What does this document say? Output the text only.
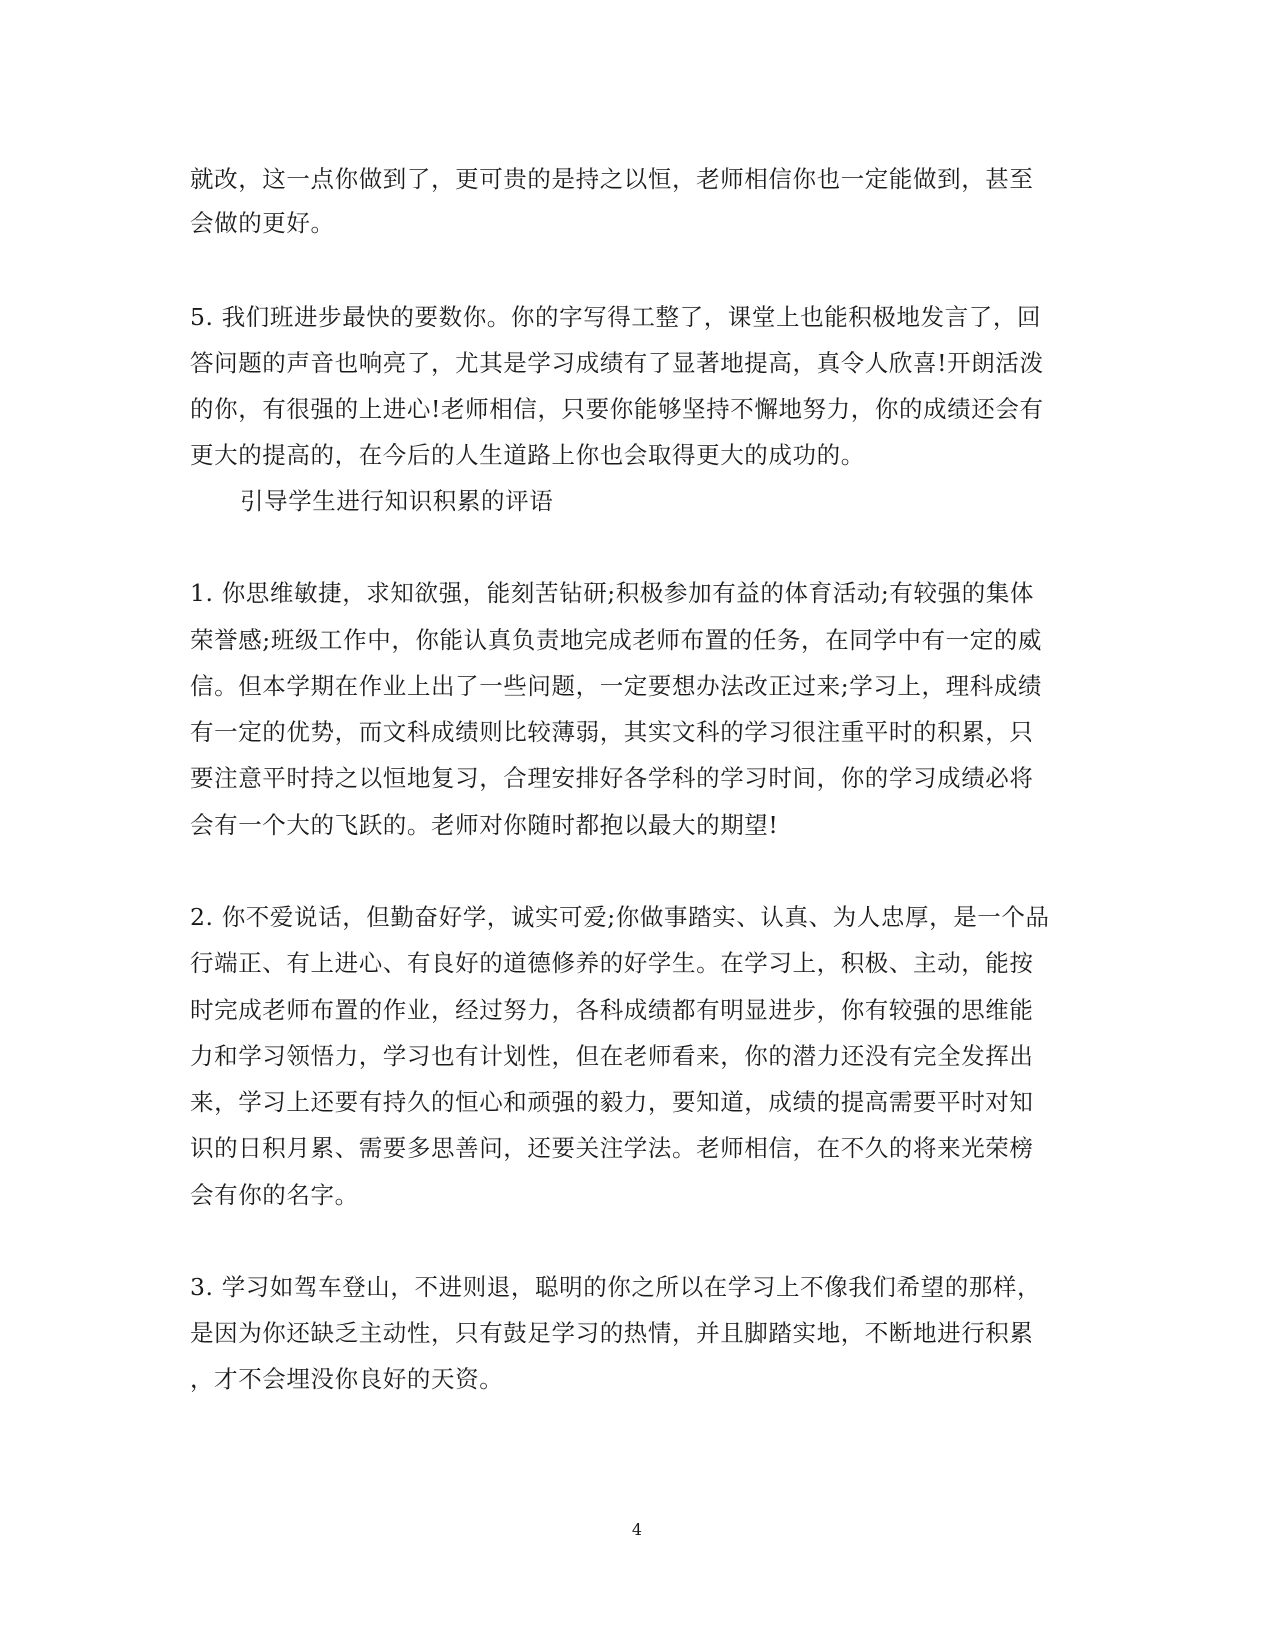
就改，这一点你做到了，更可贵的是持之以恒，老师相信你也一定能做到，甚至
会做的更好。
5. 我们班进步最快的要数你。你的字写得工整了，课堂上也能积极地发言了，回
答问题的声音也响亮了，尤其是学习成绩有了显著地提高，真令人欣喜!开朗活泼
的你，有很强的上进心!老师相信，只要你能够坚持不懈地努力，你的成绩还会有
更大的提高的，在今后的人生道路上你也会取得更大的成功的。
引导学生进行知识积累的评语
1. 你思维敏捷，求知欲强，能刻苦钻研;积极参加有益的体育活动;有较强的集体
荣誉感;班级工作中，你能认真负责地完成老师布置的任务，在同学中有一定的威
信。但本学期在作业上出了一些问题，一定要想办法改正过来;学习上，理科成绩
有一定的优势，而文科成绩则比较薄弱，其实文科的学习很注重平时的积累，只
要注意平时持之以恒地复习，合理安排好各学科的学习时间，你的学习成绩必将
会有一个大的飞跃的。老师对你随时都抱以最大的期望!
2. 你不爱说话，但勤奋好学，诚实可爱;你做事踏实、认真、为人忠厚，是一个品
行端正、有上进心、有良好的道德修养的好学生。在学习上，积极、主动，能按
时完成老师布置的作业，经过努力，各科成绩都有明显进步，你有较强的思维能
力和学习领悟力，学习也有计划性，但在老师看来，你的潜力还没有完全发挥出
来，学习上还要有持久的恒心和顽强的毅力，要知道，成绩的提高需要平时对知
识的日积月累、需要多思善问，还要关注学法。老师相信，在不久的将来光荣榜
会有你的名字。
3. 学习如驾车登山，不进则退，聪明的你之所以在学习上不像我们希望的那样，
是因为你还缺乏主动性，只有鼓足学习的热情，并且脚踏实地，不断地进行积累
，才不会埋没你良好的天资。
4
